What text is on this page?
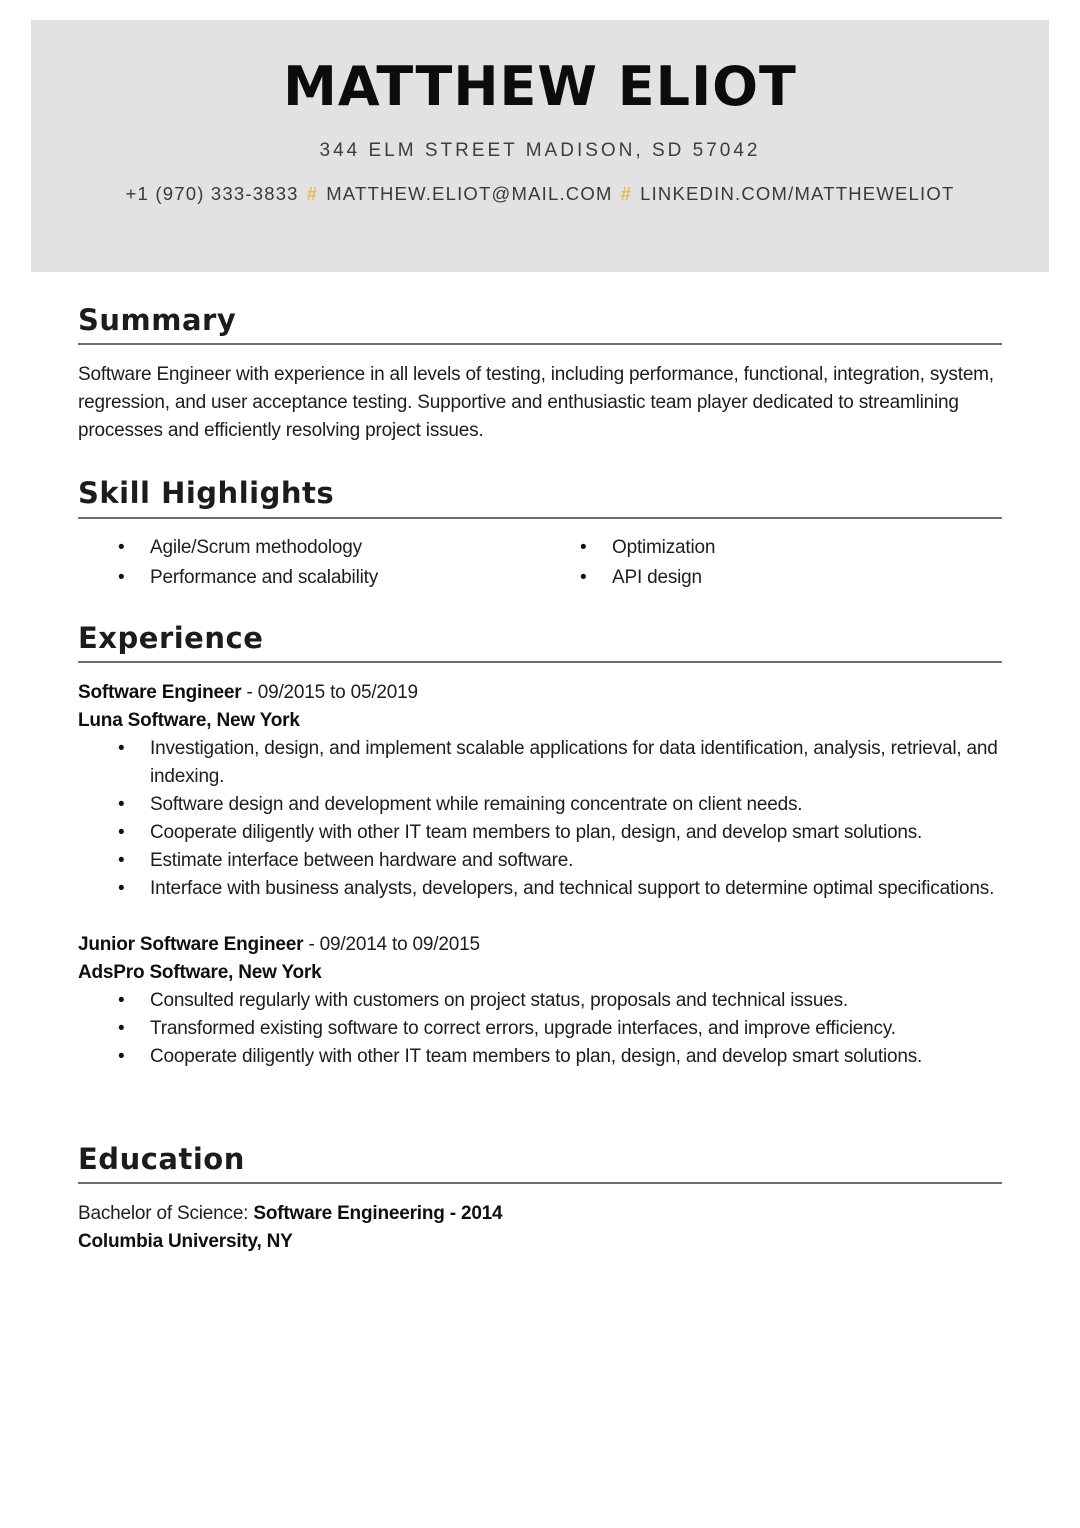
MATTHEW ELIOT
344 ELM STREET MADISON, SD 57042
+1 (970) 333-3833 # MATTHEW.ELIOT@MAIL.COM # LINKEDIN.COM/MATTHEWELIOT
Summary

Software Engineer with experience in all levels of testing, including performance, functional, integration, system, regression, and user acceptance testing. Supportive and enthusiastic team player dedicated to streamlining processes and efficiently resolving project issues.

Skill Highlights
• Agile/Scrum methodology	• Optimization
• Performance and scalability	• API design
Experience
Software Engineer - 09/2015 to 05/2019
Luna Software, New York
• Investigation, design, and implement scalable applications for data identification, analysis, retrieval, and indexing.
• Software design and development while remaining concentrate on client needs.
• Cooperate diligently with other IT team members to plan, design, and develop smart solutions.
• Estimate interface between hardware and software.
• Interface with business analysts, developers, and technical support to determine optimal specifications.
Junior Software Engineer - 09/2014 to 09/2015
AdsPro Software, New York
• Consulted regularly with customers on project status, proposals and technical issues.
• Transformed existing software to correct errors, upgrade interfaces, and improve efficiency.
• Cooperate diligently with other IT team members to plan, design, and develop smart solutions.
Education
Bachelor of Science: Software Engineering - 2014
Columbia University, NY
